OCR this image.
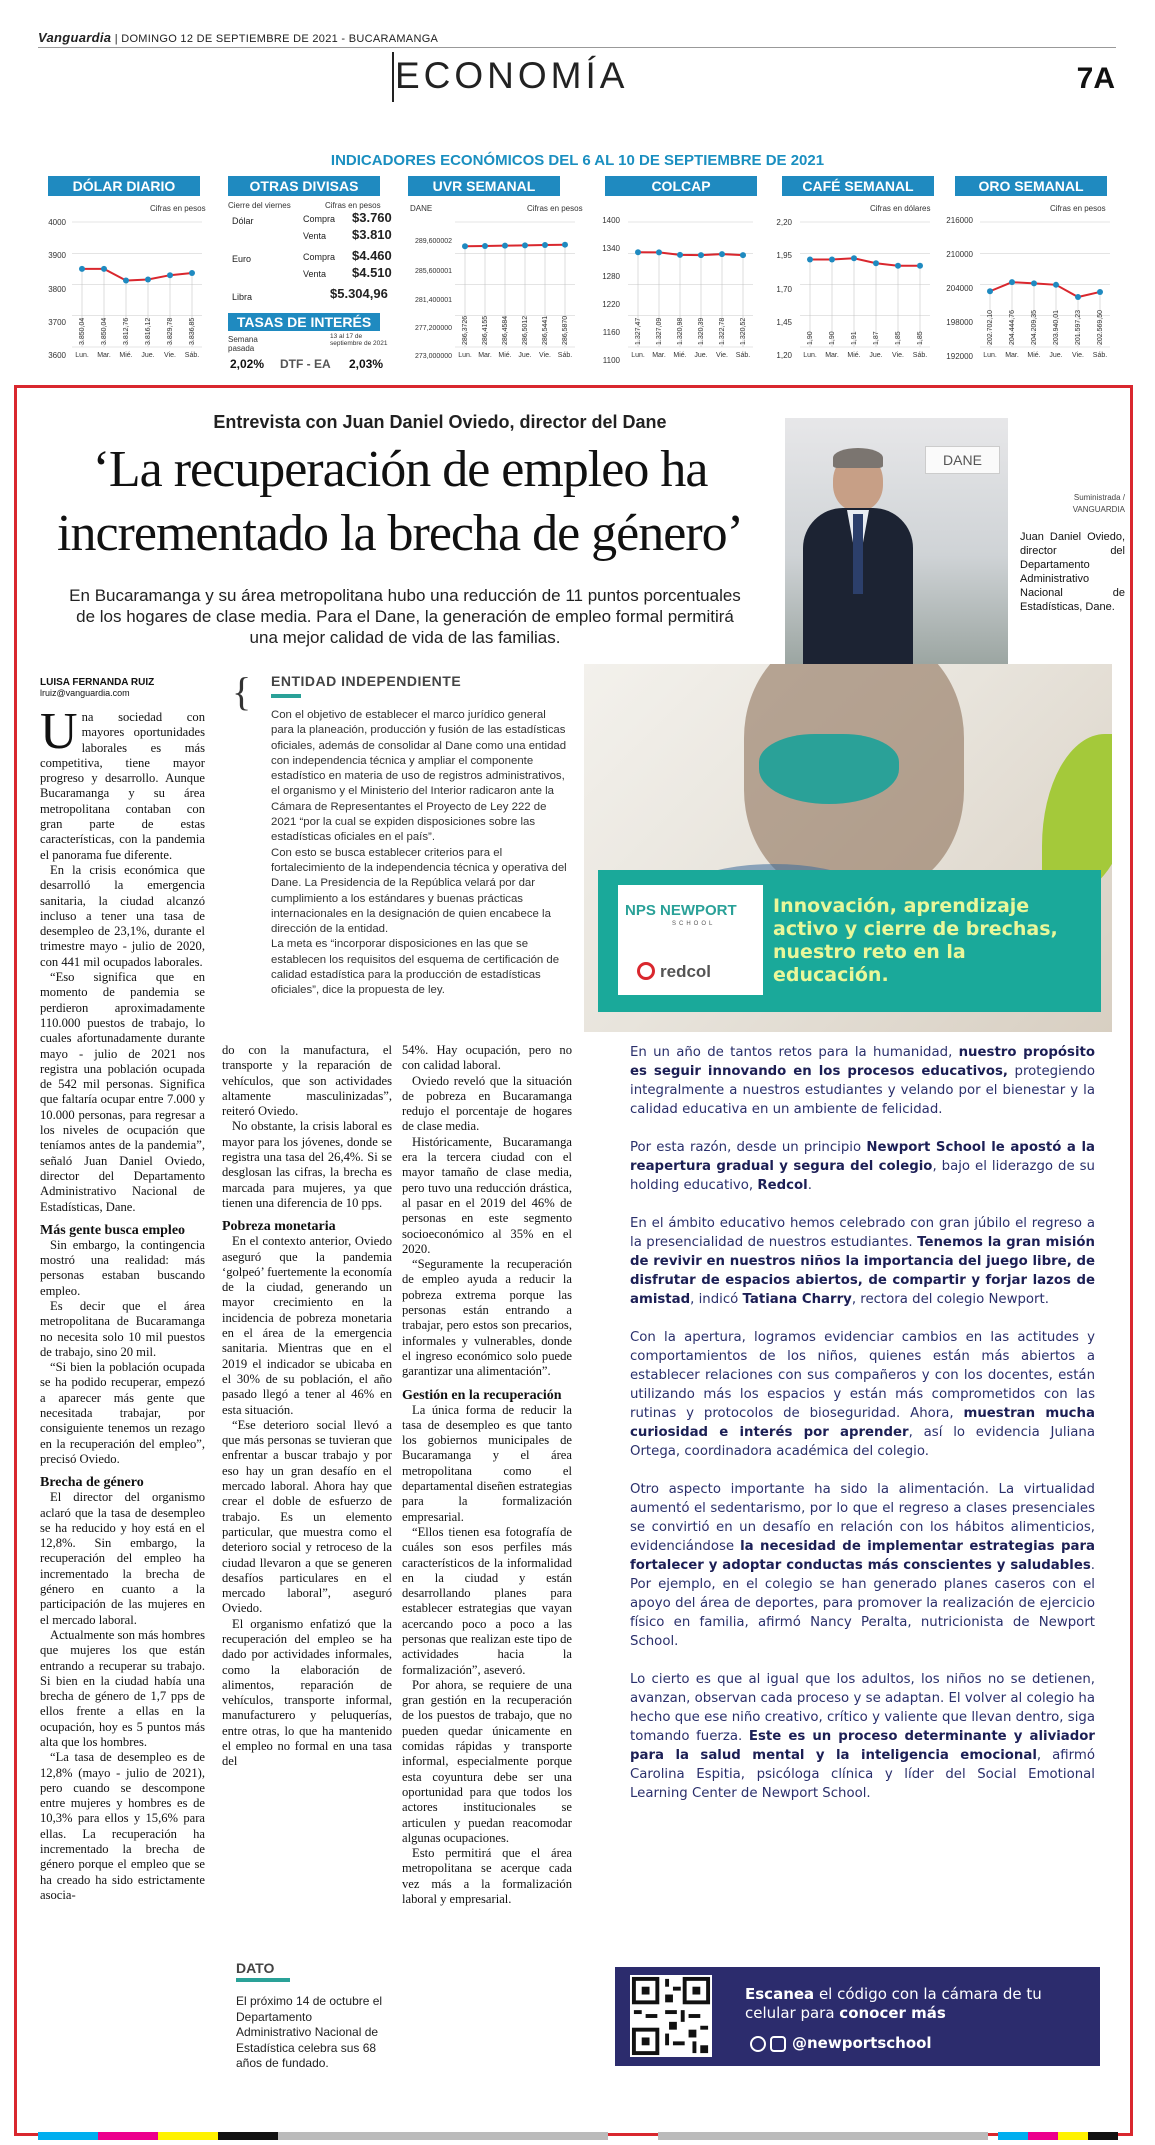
Vanguardia | DOMINGO 12 DE SEPTIEMBRE DE 2021 - BUCARAMANGA
ECONOMÍA	7A
INDICADORES ECONÓMICOS DEL 6 AL 10 DE SEPTIEMBRE DE 2021
DÓLAR DIARIO
Cifras en pesos
4000
3900
3800
3700
3600
3.850,04
Lun.
3.850,04
Mar.
3.812,76
Mié.
3.816,12
Jue.
3.829,78
Vie.
3.836,85
Sáb.
OTRAS DIVISAS
Cierre del viernes	Cifras en pesos
Dólar	Compra $3.760
Venta $3.810
Euro	Compra $4.460
Venta $4.510
Libra	$5.304,96
TASAS DE INTERÉS
Semana pasada
13 al 17 de septiembre de 2021
2,02% DTF - EA 2,03%
UVR SEMANAL
DANE	Cifras en pesos
289,600002
285,600001
281,400001
277,200000
273,000000
286,3726
Lun.
286,4155
Mar.
286,4584
Mié.
286,5012
Jue.
286,5441
Vie.
286,5870
Sáb.
COLCAP
1400
1340
1280
1220
1160
1100
1.327,47
Lun.
1.327,09
Mar.
1.320,98
Mié.
1.320,39
Jue.
1.322,78
Vie.
1.320,52
Sáb.
CAFÉ SEMANAL
Cifras en dólares
2,20
1,95
1,70
1,45
1,20
1,90
Lun.
1,90
Mar.
1,91
Mié.
1,87
Jue.
1,85
Vie.
1,85
Sáb.
ORO SEMANAL
Cifras en pesos
216000
210000
204000
198000
192000
202.702,10
Lun.
204.444,76
Mar.
204.209,35
Mié.
203.940,01
Jue.
201.597,23
Vie.
202.569,50
Sáb.
Entrevista con Juan Daniel Oviedo, director del Dane
‘La recuperación de empleo ha incrementado la brecha de género’
En Bucaramanga y su área metropolitana hubo una reducción de 11 puntos porcentuales de los hogares de clase media. Para el Dane, la generación de empleo formal permitirá una mejor calidad de vida de las familias.
DANE
Suministrada / VANGUARDIA
Juan Daniel Oviedo, director del Departamento Administrativo Nacional de Estadísticas, Dane.
LUISA FERNANDA RUIZ
lruiz@vanguardia.com

Una sociedad con mayores oportunidades laborales es más competitiva, tiene mayor progreso y desarrollo. Aunque Bucaramanga y su área metropolitana contaban con gran parte de estas características, con la pandemia el panorama fue diferente.

En la crisis económica que desarrolló la emergencia sanitaria, la ciudad alcanzó incluso a tener una tasa de desempleo de 23,1%, durante el trimestre mayo - julio de 2020, con 441 mil ocupados laborales.

“Eso significa que en momento de pandemia se perdieron aproximadamente 110.000 puestos de trabajo, lo cuales afortunadamente durante mayo - julio de 2021 nos registra una población ocupada de 542 mil personas. Significa que faltaría ocupar entre 7.000 y 10.000 personas, para regresar a los niveles de ocupación que teníamos antes de la pandemia”, señaló Juan Daniel Oviedo, director del Departamento Administrativo Nacional de Estadísticas, Dane.

Más gente busca empleo

Sin embargo, la contingencia mostró una realidad: más personas estaban buscando empleo.

Es decir que el área metropolitana de Bucaramanga no necesita solo 10 mil puestos de trabajo, sino 20 mil.

“Si bien la población ocupada se ha podido recuperar, empezó a aparecer más gente que necesitada trabajar, por consiguiente tenemos un rezago en la recuperación del empleo”, precisó Oviedo.

Brecha de género

El director del organismo aclaró que la tasa de desempleo se ha reducido y hoy está en el 12,8%. Sin embargo, la recuperación del empleo ha incrementado la brecha de género en cuanto a la participación de las mujeres en el mercado laboral.

Actualmente son más hombres que mujeres los que están entrando a recuperar su trabajo. Si bien en la ciudad había una brecha de género de 1,7 pps de ellos frente a ellas en la ocupación, hoy es 5 puntos más alta que los hombres.

“La tasa de desempleo es de 12,8% (mayo - julio de 2021), pero cuando se descompone entre mujeres y hombres es de 10,3% para ellos y 15,6% para ellas. La recuperación ha incrementado la brecha de género porque el empleo que se ha creado ha sido estrictamente asocia-

{ ENTIDAD INDEPENDIENTE

Con el objetivo de establecer el marco jurídico general para la planeación, producción y fusión de las estadísticas oficiales, además de consolidar al Dane como una entidad con independencia técnica y ampliar el componente estadístico en materia de uso de registros administrativos, el organismo y el Ministerio del Interior radicaron ante la Cámara de Representantes el Proyecto de Ley 222 de 2021 “por la cual se expiden disposiciones sobre las estadísticas oficiales en el país”.

Con esto se busca establecer criterios para el fortalecimiento de la independencia técnica y operativa del Dane. La Presidencia de la República velará por dar cumplimiento a los estándares y buenas prácticas internacionales en la designación de quien encabece la dirección de la entidad.

La meta es “incorporar disposiciones en las que se establecen los requisitos del esquema de certificación de calidad estadística para la producción de estadísticas oficiales”, dice la propuesta de ley.

do con la manufactura, el transporte y la reparación de vehículos, que son actividades altamente masculinizadas”, reiteró Oviedo.

No obstante, la crisis laboral es mayor para los jóvenes, donde se registra una tasa del 26,4%. Si se desglosan las cifras, la brecha es marcada para mujeres, ya que tienen una diferencia de 10 pps.

Pobreza monetaria

En el contexto anterior, Oviedo aseguró que la pandemia ‘golpeó’ fuertemente la economía de la ciudad, generando un mayor crecimiento en la incidencia de pobreza monetaria en el área de la emergencia sanitaria. Mientras que en el 2019 el indicador se ubicaba en el 30% de su población, el año pasado llegó a tener al 46% en esta situación.

“Ese deterioro social llevó a que más personas se tuvieran que enfrentar a buscar trabajo y por eso hay un gran desafío en el mercado laboral. Ahora hay que crear el doble de esfuerzo de trabajo. Es un elemento particular, que muestra como el deterioro social y retroceso de la ciudad llevaron a que se generen desafíos particulares en el mercado laboral”, aseguró Oviedo.

El organismo enfatizó que la recuperación del empleo se ha dado por actividades informales, como la elaboración de alimentos, reparación de vehículos, transporte informal, manufacturero y peluquerías, entre otras, lo que ha mantenido el empleo no formal en una tasa del

DATO
El próximo 14 de octubre el Departamento Administrativo Nacional de Estadística celebra sus 68 años de fundado.

54%. Hay ocupación, pero no con calidad laboral.

Oviedo reveló que la situación de pobreza en Bucaramanga redujo el porcentaje de hogares de clase media.

Históricamente, Bucaramanga era la tercera ciudad con el mayor tamaño de clase media, pero tuvo una reducción drástica, al pasar en el 2019 del 46% de personas en este segmento socioeconómico al 35% en el 2020.

“Seguramente la recuperación de empleo ayuda a reducir la pobreza extrema porque las personas están entrando a trabajar, pero estos son precarios, informales y vulnerables, donde el ingreso económico solo puede garantizar una alimentación”.

Gestión en la recuperación

La única forma de reducir la tasa de desempleo es que tanto los gobiernos municipales de Bucaramanga y el área metropolitana como el departamental diseñen estrategias para la formalización empresarial.

“Ellos tienen esa fotografía de cuáles son esos perfiles más característicos de la informalidad en la ciudad y están desarrollando planes para establecer estrategias que vayan acercando poco a poco a las personas que realizan este tipo de actividades hacia la formalización”, aseveró.

Por ahora, se requiere de una gran gestión en la recuperación de los puestos de trabajo, que no pueden quedar únicamente en comidas rápidas y transporte informal, especialmente porque esta coyuntura debe ser una oportunidad para que todos los actores institucionales se articulen y puedan reacomodar algunas ocupaciones.

Esto permitirá que el área metropolitana se acerque cada vez más a la formalización laboral y empresarial.

NPS NEWPORT
SCHOOL
redcol
Innovación, aprendizaje activo y cierre de brechas, nuestro reto en la educación.

En un año de tantos retos para la humanidad, nuestro propósito es seguir innovando en los procesos educativos, protegiendo integralmente a nuestros estudiantes y velando por el bienestar y la calidad educativa en un ambiente de felicidad.

Por esta razón, desde un principio Newport School le apostó a la reapertura gradual y segura del colegio, bajo el liderazgo de su holding educativo, Redcol.

En el ámbito educativo hemos celebrado con gran júbilo el regreso a la presencialidad de nuestros estudiantes. Tenemos la gran misión de revivir en nuestros niños la importancia del juego libre, de disfrutar de espacios abiertos, de compartir y forjar lazos de amistad, indicó Tatiana Charry, rectora del colegio Newport.

Con la apertura, logramos evidenciar cambios en las actitudes y comportamientos de los niños, quienes están más abiertos a establecer relaciones con sus compañeros y con los docentes, están utilizando más los espacios y están más comprometidos con las rutinas y protocolos de bioseguridad. Ahora, muestran mucha curiosidad e interés por aprender, así lo evidencia Juliana Ortega, coordinadora académica del colegio.

Otro aspecto importante ha sido la alimentación. La virtualidad aumentó el sedentarismo, por lo que el regreso a clases presenciales se convirtió en un desafío en relación con los hábitos alimenticios, evidenciándose la necesidad de implementar estrategias para fortalecer y adoptar conductas más conscientes y saludables. Por ejemplo, en el colegio se han generado planes caseros con el apoyo del área de deportes, para promover la realización de ejercicio físico en familia, afirmó Nancy Peralta, nutricionista de Newport School.

Lo cierto es que al igual que los adultos, los niños no se detienen, avanzan, observan cada proceso y se adaptan. El volver al colegio ha hecho que ese niño creativo, crítico y valiente que llevan dentro, siga tomando fuerza. Este es un proceso determinante y aliviador para la salud mental y la inteligencia emocional, afirmó Carolina Espitia, psicóloga clínica y líder del Social Emotional Learning Center de Newport School.

Escanea el código con la cámara de tu celular para conocer más
@newportschool
